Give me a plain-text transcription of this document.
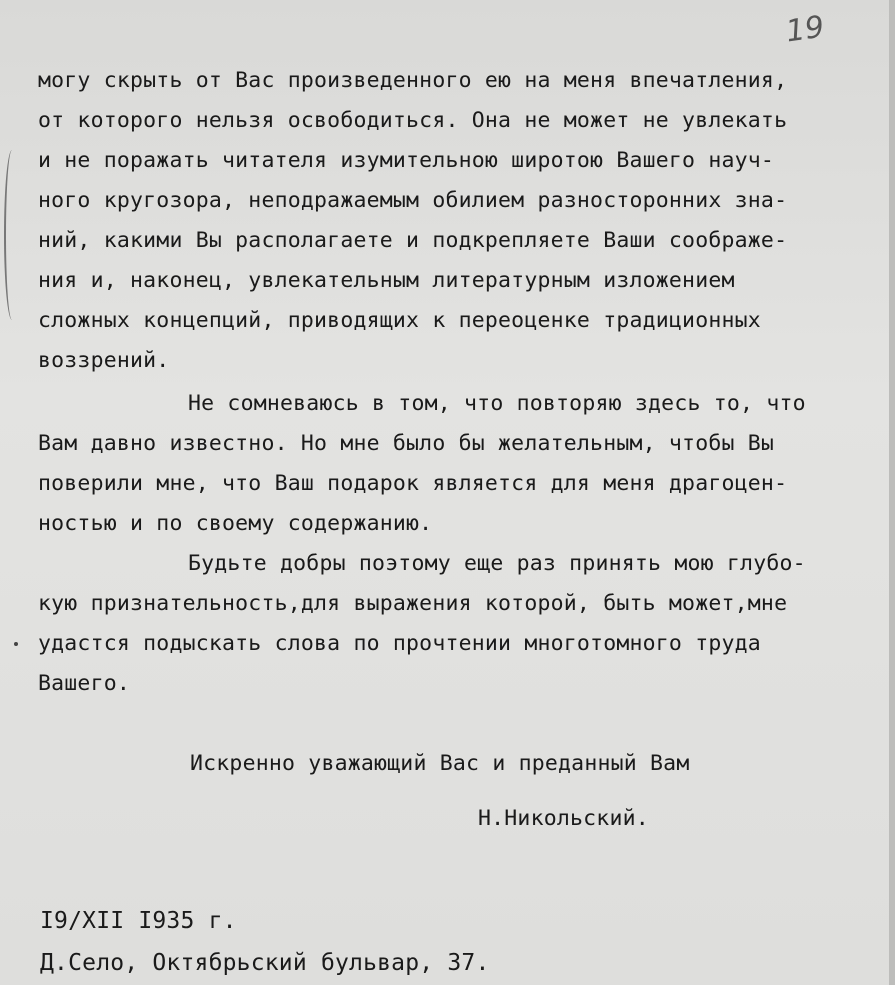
19
могу скрыть от Вас произведенного ею на меня впечатления,
от которого нельзя освободиться. Она не может не увлекать
и не поражать читателя изумительною широтою Вашего науч-
ного кругозора, неподражаемым обилием разносторонних зна-
ний, какими Вы располагаете и подкрепляете Ваши соображе-
ния и, наконец, увлекательным литературным изложением
сложных концепций, приводящих к переоценке традиционных
воззрений.
Не сомневаюсь в том, что повторяю здесь то, что
Вам давно известно. Но мне было бы желательным, чтобы Вы
поверили мне, что Ваш подарок является для меня драгоцен-
ностью и по своему содержанию.
Будьте добры поэтому еще раз принять мою глубо-
кую признательность,для выражения которой, быть может,мне
удастся подыскать слова по прочтении многотомного труда
Вашего.
Искренно уважающий Вас и преданный Вам
Н.Никольский.
I9/XII I935 г.
Д.Село, Октябрьский бульвар, 37.
